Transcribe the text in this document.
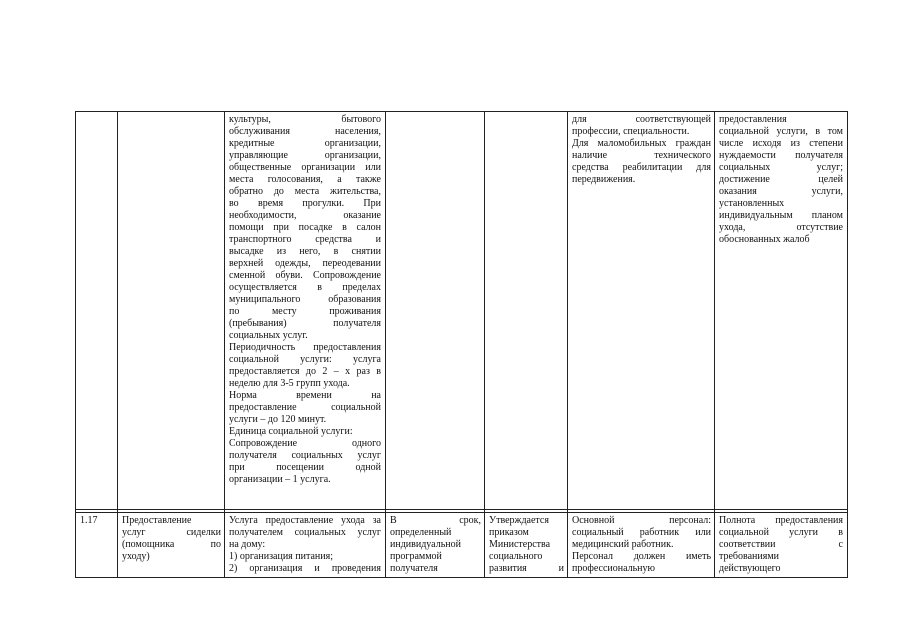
культуры, бытового

обслуживания населения,

кредитные организации,

управляющие организации,

общественные организации или

места голосования, а также

обратно до места жительства,

во время прогулки. При

необходимости, оказание

помощи при посадке в салон

транспортного средства и

высадке из него, в снятии

верхней одежды, переодевании

сменной обуви. Сопровождение

осуществляется в пределах

муниципального образования

по месту проживания

(пребывания) получателя

социальных услуг.

Периодичность предоставления

социальной услуги: услуга

предоставляется до 2 – х раз в

неделю для 3-5 групп ухода.

Норма времени на

предоставление социальной

услуги – до 120 минут.

Единица социальной услуги:

Сопровождение одного

получателя социальных услуг

при посещении одной

организации – 1 услуга.

для соответствующей

профессии, специальности.

Для маломобильных граждан

наличие технического

средства реабилитации для

передвижения.

предоставления

социальной услуги, в том

числе исходя из степени

нуждаемости получателя

социальных услуг;

достижение целей

оказания услуги,

установленных

индивидуальным планом

ухода, отсутствие

обоснованных жалоб

1.17	Предоставление

услуг сиделки

(помощника по

уходу)

Услуга предоставление ухода за

получателем социальных услуг

на дому:

1) организация питания;

2) организация и проведения

В срок,

определенный

индивидуальной

программой

получателя

Утверждается

приказом

Министерства

социального

развития и

Основной персонал:

социальный работник или

медицинский работник.

Персонал должен иметь

профессиональную

Полнота предоставления

социальной услуги в

соответствии с

требованиями

действующего
